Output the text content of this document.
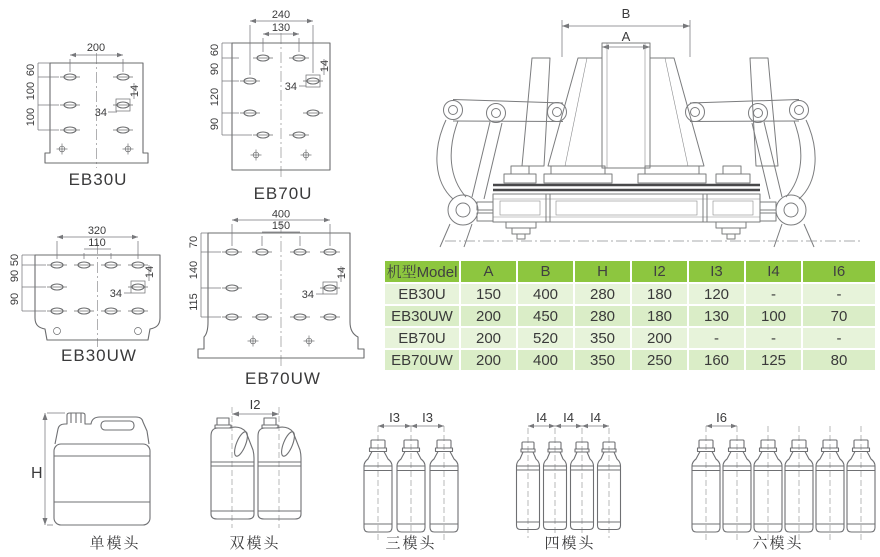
200
60
100
100
14
34
EB30U
240
130
60
90
120
90
14
34
EB70U
320
110
50
90
90
14
34
EB30UW
400
150
70
140
115
14
34
EB70UW
B
A
机型Model	A	B	H	I2	I3	I4	I6
EB30U	150	400	280	180	120	-	-
EB30UW	200	450	280	180	130	100	70
EB70U	200	520	350	200	-	-	-
EB70UW	200	400	350	250	160	125	80
H
单模头
I2
双模头
I3 I3
三模头
I4 I4 I4
四模头
I6
六模头
